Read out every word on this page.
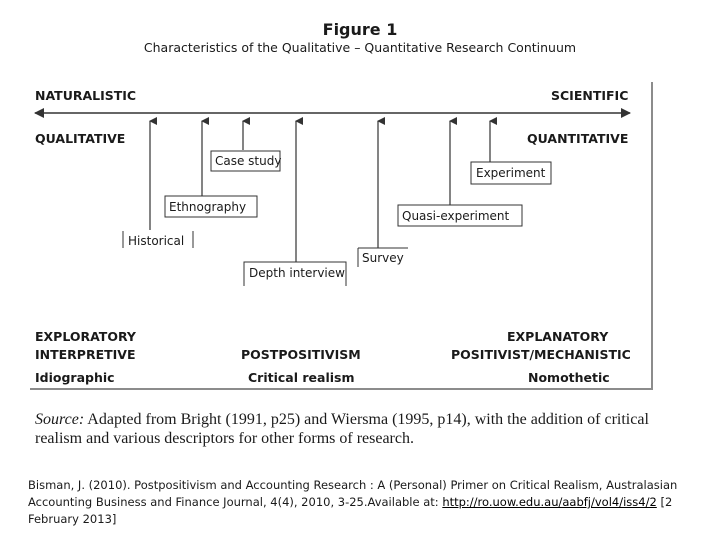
Figure 1
Characteristics of the Qualitative – Quantitative Research Continuum
NATURALISTIC	SCIENTIFIC
QUALITATIVE	QUANTITATIVE
Case study
Experiment
Ethnography
Quasi-experiment
Historical
Survey
Depth interview
EXPLORATORY	EXPLANATORY
INTERPRETIVE	POSTPOSITIVISM	POSITIVIST/MECHANISTIC
Idiographic	Critical realism	Nomothetic
Source: Adapted from Bright (1991, p25) and Wiersma (1995, p14), with the addition of critical realism and various descriptors for other forms of research.
Bisman, J. (2010). Postpositivism and Accounting Research : A (Personal) Primer on Critical Realism, Australasian Accounting Business and Finance Journal, 4(4), 2010, 3-25.Available at: http://ro.uow.edu.au/aabfj/vol4/iss4/2 [2 February 2013]
